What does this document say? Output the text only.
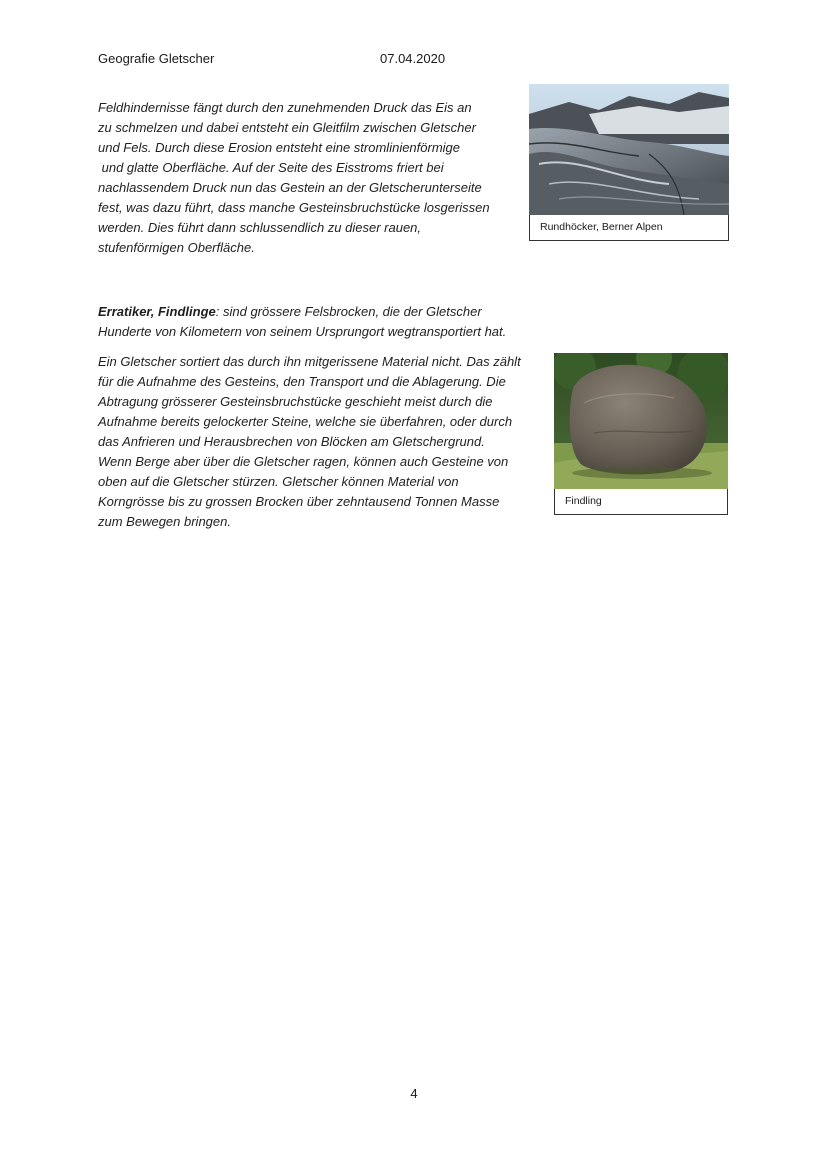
Geografie Gletscher	07.04.2020

Feldhindernisse fängt durch den zunehmenden Druck das Eis an
zu schmelzen und dabei entsteht ein Gleitfilm zwischen Gletscher
und Fels. Durch diese Erosion entsteht eine stromlinienförmige
und glatte Oberfläche. Auf der Seite des Eisstroms friert bei
nachlassendem Druck nun das Gestein an der Gletscherunterseite
fest, was dazu führt, dass manche Gesteinsbruchstücke losgerissen
werden. Dies führt dann schlussendlich zu dieser rauen,
stufenförmigen Oberfläche.

Rundhöcker, Berner Alpen

Erratiker, Findlinge: sind grössere Felsbrocken, die der Gletscher
Hunderte von Kilometern von seinem Ursprungort wegtransportiert hat.

Ein Gletscher sortiert das durch ihn mitgerissene Material nicht. Das zählt
für die Aufnahme des Gesteins, den Transport und die Ablagerung. Die
Abtragung grösserer Gesteinsbruchstücke geschieht meist durch die
Aufnahme bereits gelockerter Steine, welche sie überfahren, oder durch
das Anfrieren und Herausbrechen von Blöcken am Gletschergrund.
Wenn Berge aber über die Gletscher ragen, können auch Gesteine von
oben auf die Gletscher stürzen. Gletscher können Material von
Korngrösse bis zu grossen Brocken über zehntausend Tonnen Masse
zum Bewegen bringen.

Findling
4
